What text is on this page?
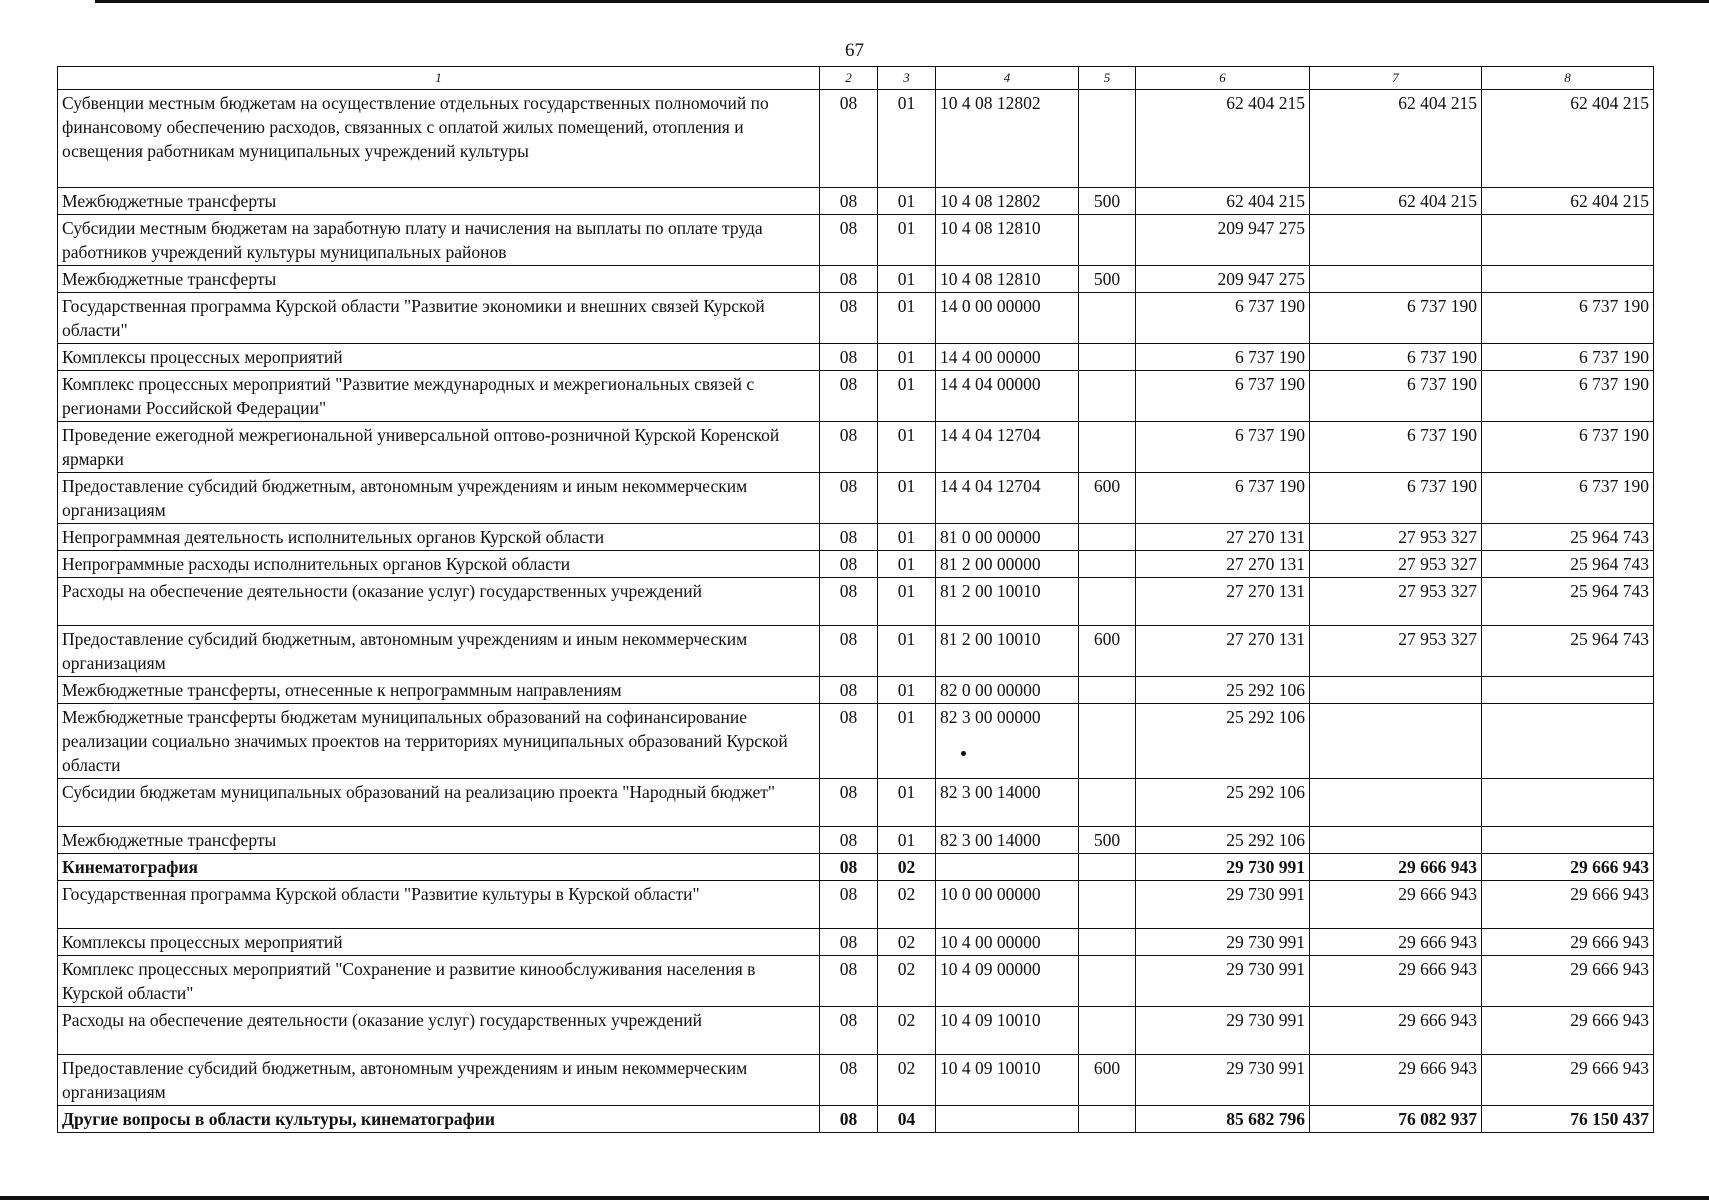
67
1	2	3	4	5	6	7	8
Субвенции местным бюджетам на осуществление отдельных государственных полномочий по финансовому обеспечению расходов, связанных с оплатой жилых помещений, отопления и освещения работникам муниципальных учреждений культуры	08	01	10 4 08 12802		62 404 215	62 404 215	62 404 215
Межбюджетные трансферты	08	01	10 4 08 12802	500	62 404 215	62 404 215	62 404 215
Субсидии местным бюджетам на заработную плату и начисления на выплаты по оплате труда работников учреждений культуры муниципальных районов	08	01	10 4 08 12810		209 947 275		
Межбюджетные трансферты	08	01	10 4 08 12810	500	209 947 275		
Государственная программа Курской области "Развитие экономики и внешних связей Курской области"	08	01	14 0 00 00000		6 737 190	6 737 190	6 737 190
Комплексы процессных мероприятий	08	01	14 4 00 00000		6 737 190	6 737 190	6 737 190
Комплекс процессных мероприятий "Развитие международных и межрегиональных связей с регионами Российской Федерации"	08	01	14 4 04 00000		6 737 190	6 737 190	6 737 190
Проведение ежегодной межрегиональной универсальной оптово-розничной Курской Коренской ярмарки	08	01	14 4 04 12704		6 737 190	6 737 190	6 737 190
Предоставление субсидий бюджетным, автономным учреждениям и иным некоммерческим организациям	08	01	14 4 04 12704	600	6 737 190	6 737 190	6 737 190
Непрограммная деятельность исполнительных органов Курской области	08	01	81 0 00 00000		27 270 131	27 953 327	25 964 743
Непрограммные расходы исполнительных органов Курской области	08	01	81 2 00 00000		27 270 131	27 953 327	25 964 743
Расходы на обеспечение деятельности (оказание услуг) государственных учреждений	08	01	81 2 00 10010		27 270 131	27 953 327	25 964 743
Предоставление субсидий бюджетным, автономным учреждениям и иным некоммерческим организациям	08	01	81 2 00 10010	600	27 270 131	27 953 327	25 964 743
Межбюджетные трансферты, отнесенные к непрограммным направлениям	08	01	82 0 00 00000		25 292 106		
Межбюджетные трансферты бюджетам муниципальных образований на софинансирование реализации социально значимых проектов на территориях муниципальных образований Курской области	08	01	82 3 00 00000		25 292 106		
Субсидии бюджетам муниципальных образований на реализацию проекта "Народный бюджет"	08	01	82 3 00 14000		25 292 106		
Межбюджетные трансферты	08	01	82 3 00 14000	500	25 292 106		
Кинематография	08	02			29 730 991	29 666 943	29 666 943
Государственная программа Курской области "Развитие культуры в Курской области"	08	02	10 0 00 00000		29 730 991	29 666 943	29 666 943
Комплексы процессных мероприятий	08	02	10 4 00 00000		29 730 991	29 666 943	29 666 943
Комплекс процессных мероприятий "Сохранение и развитие кинообслуживания населения в Курской области"	08	02	10 4 09 00000		29 730 991	29 666 943	29 666 943
Расходы на обеспечение деятельности (оказание услуг) государственных учреждений	08	02	10 4 09 10010		29 730 991	29 666 943	29 666 943
Предоставление субсидий бюджетным, автономным учреждениям и иным некоммерческим организациям	08	02	10 4 09 10010	600	29 730 991	29 666 943	29 666 943
Другие вопросы в области культуры, кинематографии	08	04			85 682 796	76 082 937	76 150 437
